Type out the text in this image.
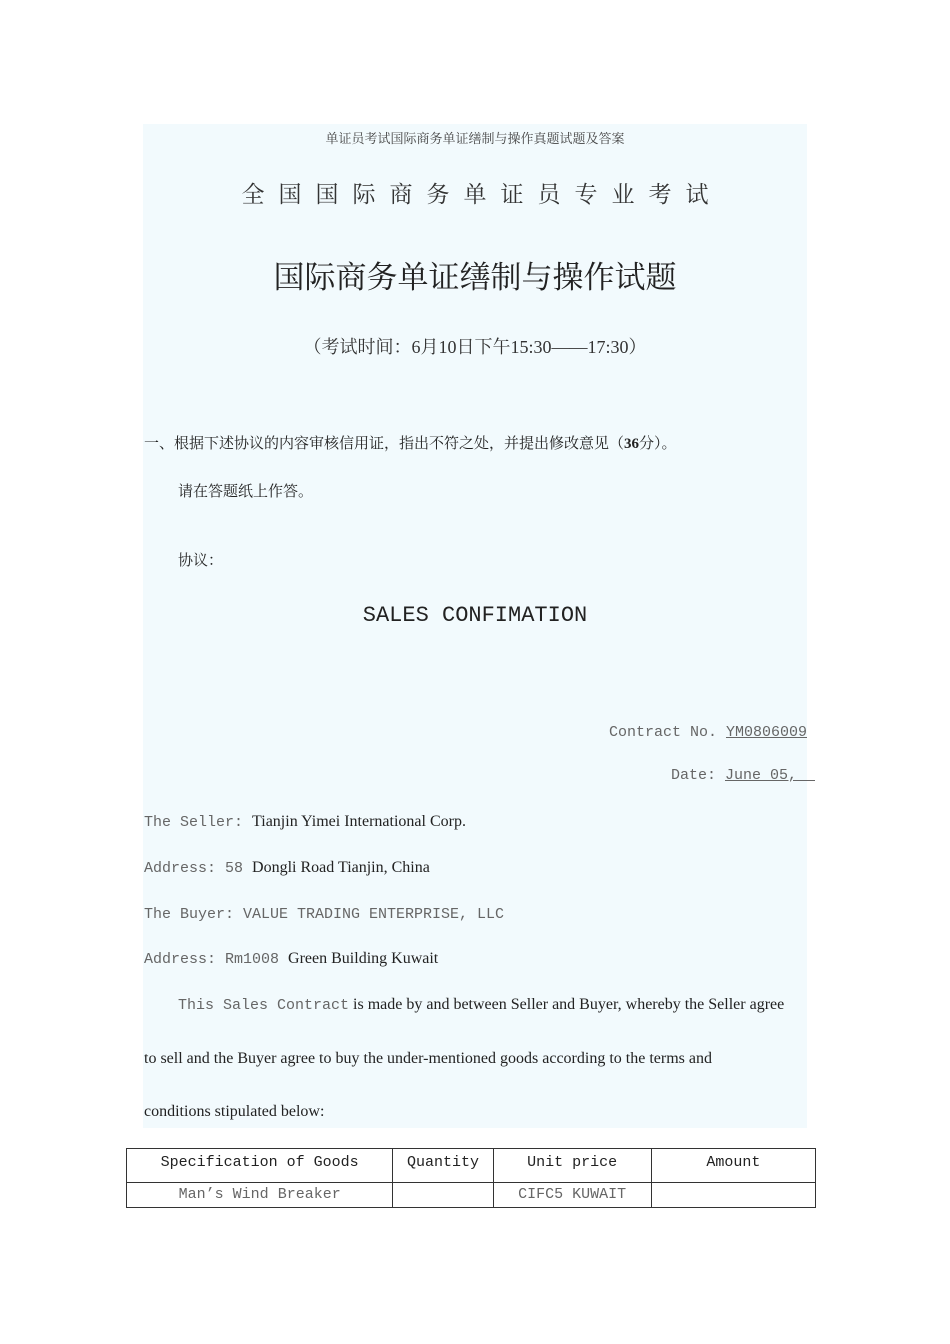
单证员考试国际商务单证缮制与操作真题试题及答案
全国国际商务单证员专业考试
国际商务单证缮制与操作试题
（考试时间：6月10日下午15:30——17:30）
一、根据下述协议的内容审核信用证，指出不符之处，并提出修改意见（36分）。
请在答题纸上作答。
协议：
SALES CONFIMATION
Contract No. YM0806009
Date: June 05,
The Seller: Tianjin Yimei International Corp.
Address: 58 Dongli Road Tianjin, China
The Buyer: VALUE TRADING ENTERPRISE, LLC
Address: Rm1008 Green Building Kuwait
This Sales Contract is made by and between Seller and Buyer, whereby the Seller agree
to sell and the Buyer agree to buy the under-mentioned goods according to the terms and
conditions stipulated below:
Specification of Goods	Quantity	Unit price	Amount
Man’s Wind Breaker		CIFC5 KUWAIT	
